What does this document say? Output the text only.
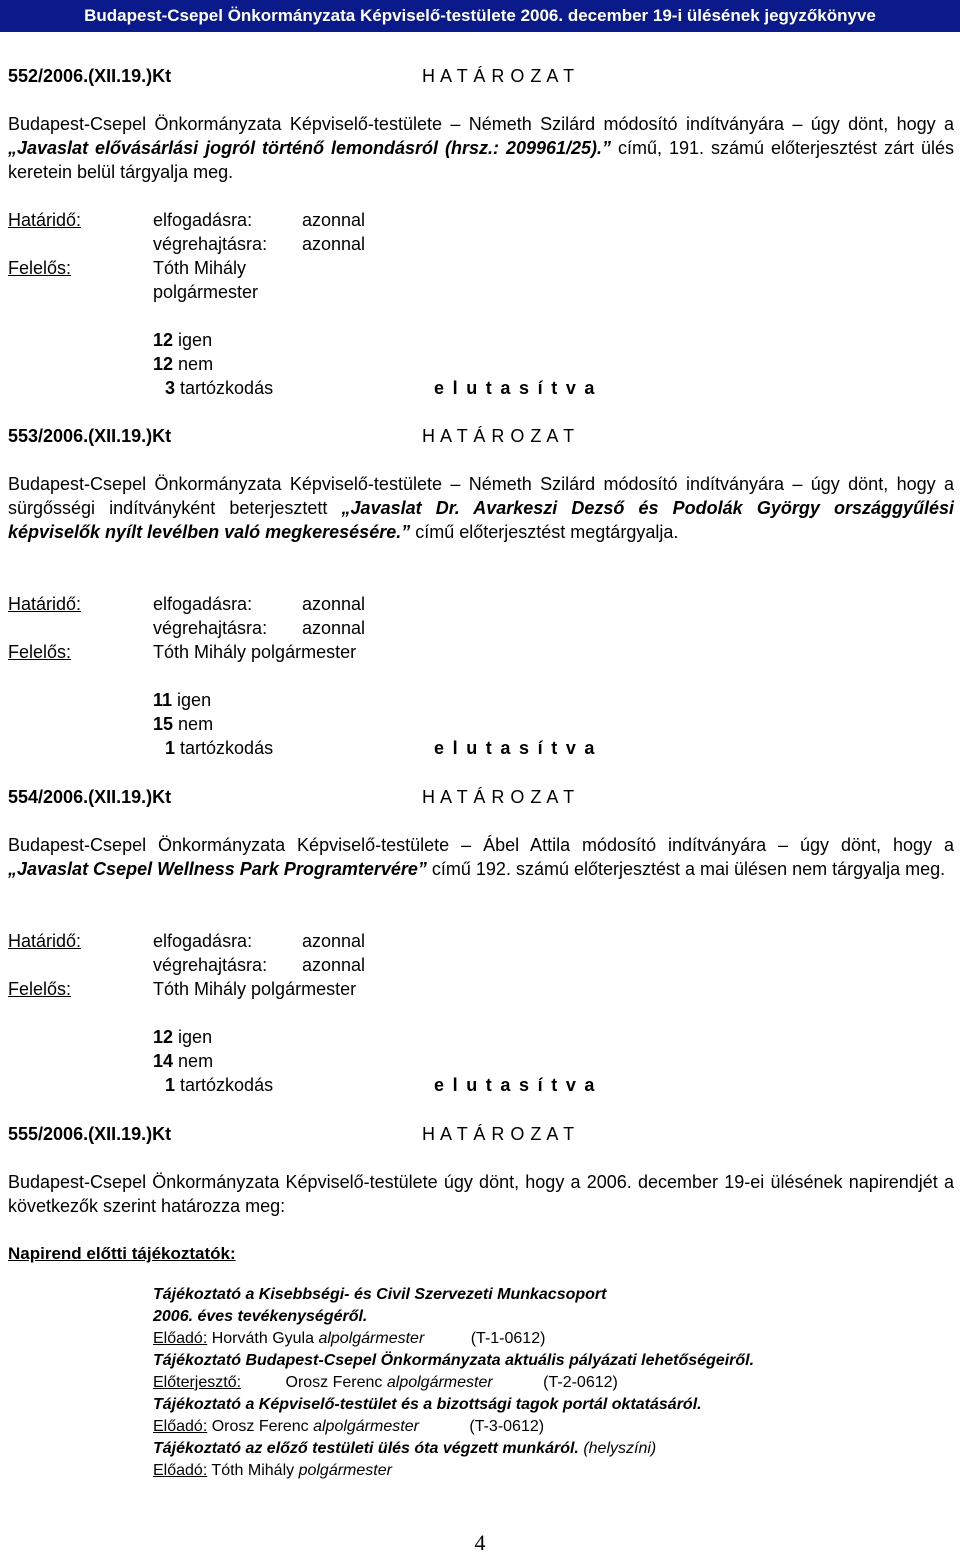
Budapest-Csepel Önkormányzata Képviselő-testülete 2006. december 19-i ülésének jegyzőkönyve
552/2006.(XII.19.)Kt	H A T Á R O Z A T
Budapest-Csepel Önkormányzata Képviselő-testülete – Németh Szilárd módosító indítványára – úgy dönt, hogy a „Javaslat elővásárlási jogról történő lemondásról (hrsz.: 209961/25).” című, 191. számú előterjesztést zárt ülés keretein belül tárgyalja meg.
Határidő:	elfogadásra:	azonnal
végrehajtásra: azonnal
Felelős:	Tóth Mihály
polgármester
12 igen
12 nem
3 tartózkodás	e l u t a s í t v a
553/2006.(XII.19.)Kt	H A T Á R O Z A T
Budapest-Csepel Önkormányzata Képviselő-testülete – Németh Szilárd módosító indítványára – úgy dönt, hogy a sürgősségi indítványként beterjesztett „Javaslat Dr. Avarkeszi Dezső és Podolák György országgyűlési képviselők nyílt levélben való megkeresésére.” című előterjesztést megtárgyalja.
Határidő:	elfogadásra:	azonnal
végrehajtásra: azonnal
Felelős:	Tóth Mihály polgármester
11 igen
15 nem
1 tartózkodás	e l u t a s í t v a
554/2006.(XII.19.)Kt	H A T Á R O Z A T
Budapest-Csepel Önkormányzata Képviselő-testülete – Ábel Attila módosító indítványára – úgy dönt, hogy a „Javaslat Csepel Wellness Park Programtervére” című 192. számú előterjesztést a mai ülésen nem tárgyalja meg.
Határidő:	elfogadásra:	azonnal
végrehajtásra: azonnal
Felelős:	Tóth Mihály polgármester
12 igen
14 nem
1 tartózkodás	e l u t a s í t v a
555/2006.(XII.19.)Kt	H A T Á R O Z A T
Budapest-Csepel Önkormányzata Képviselő-testülete úgy dönt, hogy a 2006. december 19-ei ülésének napirendjét a következők szerint határozza meg:
Napirend előtti tájékoztatók:
Tájékoztató a Kisebbségi- és Civil Szervezeti Munkacsoport
2006. éves tevékenységéről.
Előadó: Horváth Gyula alpolgármester	(T-1-0612)
Tájékoztató Budapest-Csepel Önkormányzata aktuális pályázati lehetőségeiről.
Előterjesztő:	Orosz Ferenc alpolgármester	(T-2-0612)
Tájékoztató a Képviselő-testület és a bizottsági tagok portál oktatásáról.
Előadó: Orosz Ferenc alpolgármester	(T-3-0612)
Tájékoztató az előző testületi ülés óta végzett munkáról. (helyszíni)
Előadó: Tóth Mihály polgármester
4
